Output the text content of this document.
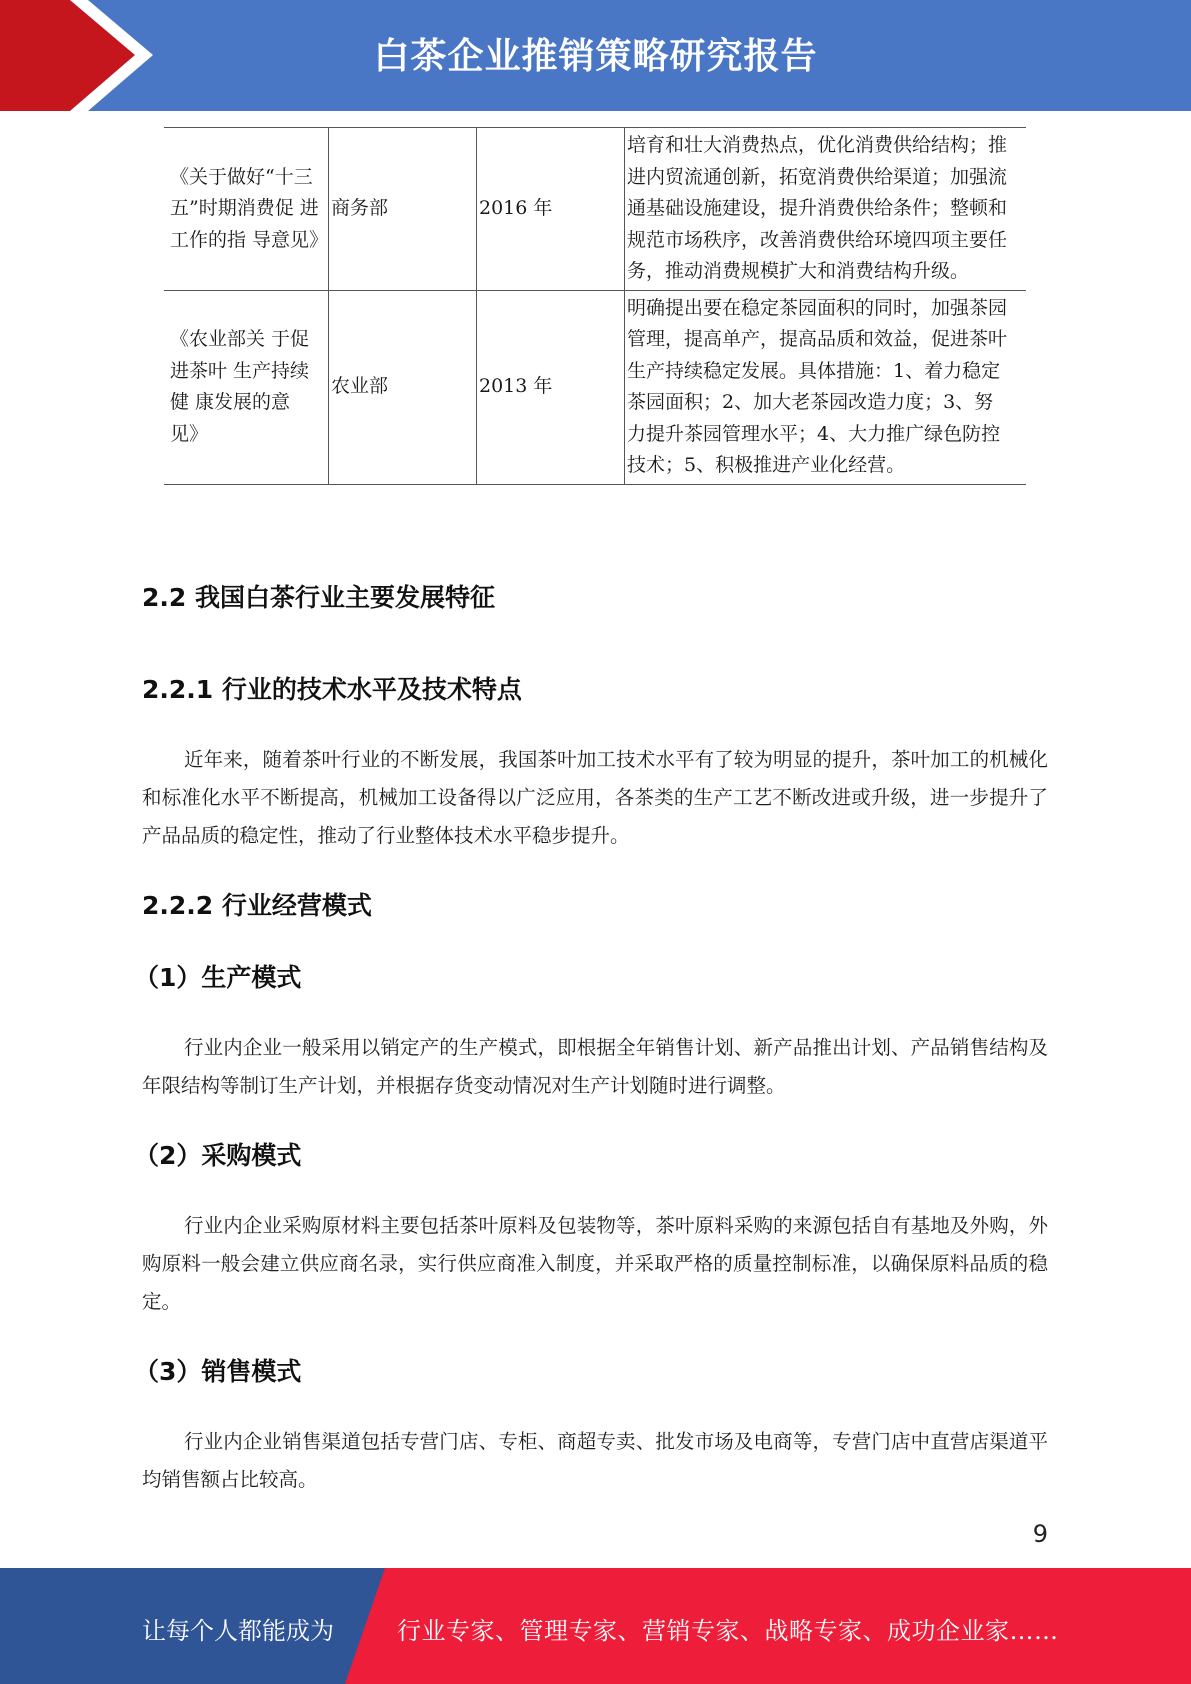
白茶企业推销策略研究报告
《关于做好“十三五”时期消费促 进工作的指 导意见》	商务部	2016 年	培育和壮大消费热点，优化消费供给结构；推进内贸流通创新，拓宽消费供给渠道；加强流通基础设施建设，提升消费供给条件；整顿和规范市场秩序，改善消费供给环境四项主要任务，推动消费规模扩大和消费结构升级。
《农业部关 于促进茶叶 生产持续健 康发展的意 见》	农业部	2013 年	明确提出要在稳定茶园面积的同时，加强茶园管理，提高单产，提高品质和效益，促进茶叶生产持续稳定发展。具体措施：1、着力稳定茶园面积；2、加大老茶园改造力度；3、努力提升茶园管理水平；4、大力推广绿色防控技术；5、积极推进产业化经营。
2.2 我国白茶行业主要发展特征
2.2.1 行业的技术水平及技术特点

近年来，随着茶叶行业的不断发展，我国茶叶加工技术水平有了较为明显的提升，茶叶加工的机械化和标准化水平不断提高，机械加工设备得以广泛应用，各茶类的生产工艺不断改进或升级，进一步提升了产品品质的稳定性，推动了行业整体技术水平稳步提升。

2.2.2 行业经营模式
（1）生产模式

行业内企业一般采用以销定产的生产模式，即根据全年销售计划、新产品推出计划、产品销售结构及年限结构等制订生产计划，并根据存货变动情况对生产计划随时进行调整。

（2）采购模式

行业内企业采购原材料主要包括茶叶原料及包装物等，茶叶原料采购的来源包括自有基地及外购，外购原料一般会建立供应商名录，实行供应商准入制度，并采取严格的质量控制标准，以确保原料品质的稳定。

（3）销售模式

行业内企业销售渠道包括专营门店、专柜、商超专卖、批发市场及电商等，专营门店中直营店渠道平均销售额占比较高。

9
让每个人都能成为	行业专家、管理专家、营销专家、战略专家、成功企业家……
